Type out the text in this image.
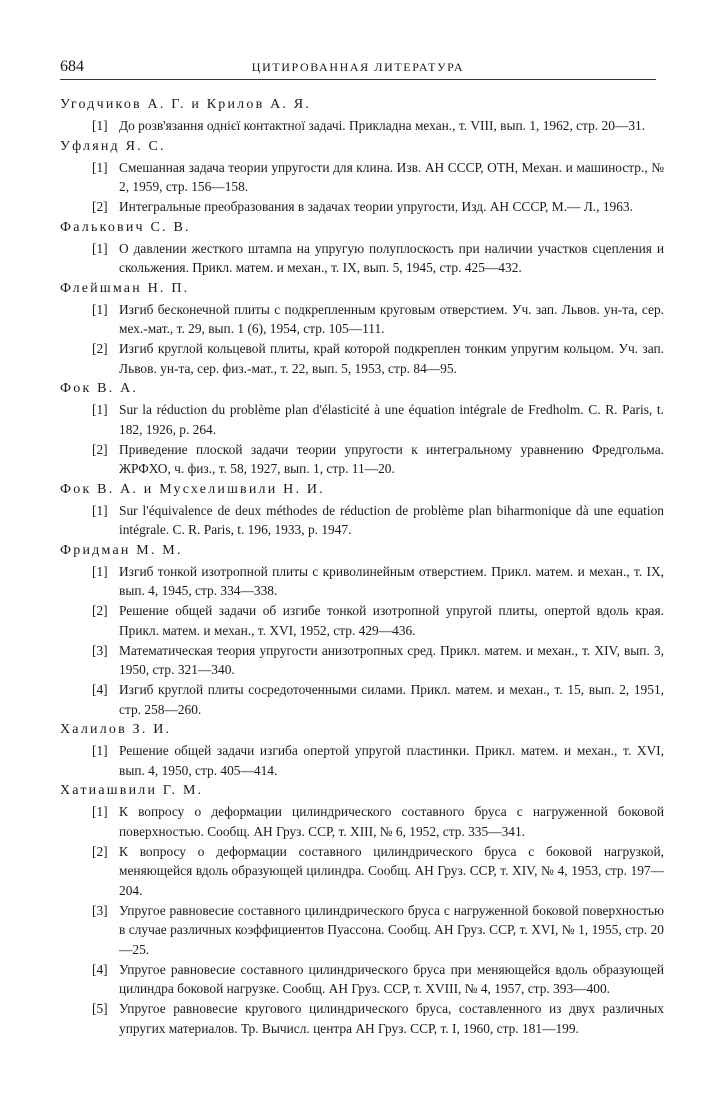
684	ЦИТИРОВАННАЯ ЛИТЕРАТУРА
Угодчиков А. Г. и Крилов А. Я.
[1] До розв'язання однієї контактної задачі. Прикладна механ., т. VIII, вып. 1, 1962, стр. 20—31.
Уфлянд Я. С.
[1] Смешанная задача теории упругости для клина. Изв. АН СССР, ОТН, Механ. и машиностр., № 2, 1959, стр. 156—158.
[2] Интегральные преобразования в задачах теории упругости, Изд. АН СССР, М.— Л., 1963.
Фалькович С. В.
[1] О давлении жесткого штампа на упругую полуплоскость при наличии участков сцепления и скольжения. Прикл. матем. и механ., т. IX, вып. 5, 1945, стр. 425—432.
Флейшман Н. П.
[1] Изгиб бесконечной плиты с подкрепленным круговым отверстием. Уч. зап. Львов. ун-та, сер. мех.-мат., т. 29, вып. 1 (6), 1954, стр. 105—111.
[2] Изгиб круглой кольцевой плиты, край которой подкреплен тонким упругим кольцом. Уч. зап. Львов. ун-та, сер. физ.-мат., т. 22, вып. 5, 1953, стр. 84—95.
Фок В. А.
[1] Sur la réduction du problème plan d'élasticité à une équation intégrale de Fredholm. C. R. Paris, t. 182, 1926, p. 264.
[2] Приведение плоской задачи теории упругости к интегральному уравнению Фредгольма. ЖРФХО, ч. физ., т. 58, 1927, вып. 1, стр. 11—20.
Фок В. А. и Мусхелишвили Н. И.
[1] Sur l'équivalence de deux méthodes de réduction de problème plan biharmonique dà une equation intégrale. C. R. Paris, t. 196, 1933, p. 1947.
Фридман М. М.
[1] Изгиб тонкой изотропной плиты с криволинейным отверстием. Прикл. матем. и механ., т. IX, вып. 4, 1945, стр. 334—338.
[2] Решение общей задачи об изгибе тонкой изотропной упругой плиты, опертой вдоль края. Прикл. матем. и механ., т. XVI, 1952, стр. 429—436.
[3] Математическая теория упругости анизотропных сред. Прикл. матем. и механ., т. XIV, вып. 3, 1950, стр. 321—340.
[4] Изгиб круглой плиты сосредоточенными силами. Прикл. матем. и механ., т. 15, вып. 2, 1951, стр. 258—260.
Халилов З. И.
[1] Решение общей задачи изгиба опертой упругой пластинки. Прикл. матем. и механ., т. XVI, вып. 4, 1950, стр. 405—414.
Хатиашвили Г. М.
[1] К вопросу о деформации цилиндрического составного бруса с нагруженной боковой поверхностью. Сообщ. АН Груз. ССР, т. XIII, № 6, 1952, стр. 335—341.
[2] К вопросу о деформации составного цилиндрического бруса с боковой нагрузкой, меняющейся вдоль образующей цилиндра. Сообщ. АН Груз. ССР, т. XIV, № 4, 1953, стр. 197—204.
[3] Упругое равновесие составного цилиндрического бруса с нагруженной боковой поверхностью в случае различных коэффициентов Пуассона. Сообщ. АН Груз. ССР, т. XVI, № 1, 1955, стр. 20—25.
[4] Упругое равновесие составного цилиндрического бруса при меняющейся вдоль образующей цилиндра боковой нагрузке. Сообщ. АН Груз. ССР, т. XVIII, № 4, 1957, стр. 393—400.
[5] Упругое равновесие кругового цилиндрического бруса, составленного из двух различных упругих материалов. Тр. Вычисл. центра АН Груз. ССР, т. I, 1960, стр. 181—199.
